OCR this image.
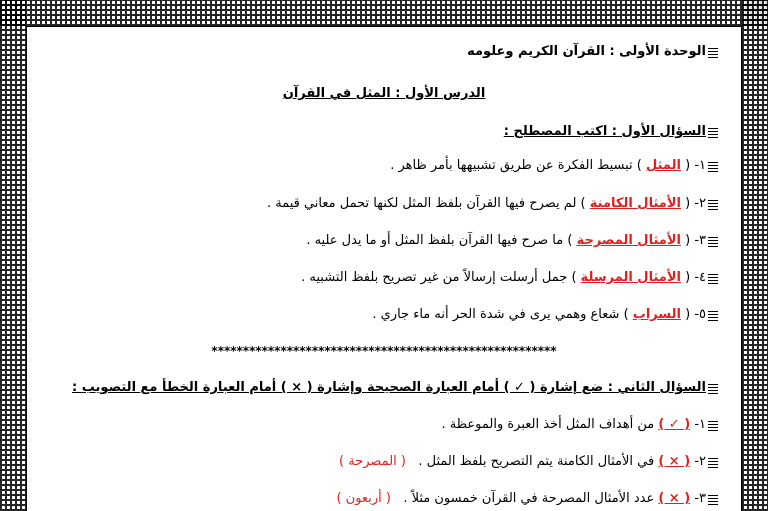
الوحدة الأولى : القرآن الكريم وعلومه
الدرس الأول : المثل في القرآن
السؤال الأول : اكتب المصطلح :
١- ( المثل ) تبسيط الفكرة عن طريق تشبيهها بأمر ظاهر .
٢- ( الأمثال الكامنة ) لم يصرح فيها القرآن بلفظ المثل لكنها تحمل معاني قيمة .
٣- ( الأمثال المصرحة ) ما صرح فيها القرآن بلفظ المثل أو ما يدل عليه .
٤- ( الأمثال المرسلة ) جمل أرسلت إرسالاً من غير تصريح بلفظ التشبيه .
٥- ( السراب ) شعاع وهمي يرى في شدة الحر أنه ماء جاري .
*******************************************************
السؤال الثاني : ضع إشارة ( ✓ ) أمام العبارة الصحيحة وإشارة ( × ) أمام العبارة الخطأ مع التصويب :
١- ( ✓ ) من أهداف المثل أخذ العبرة والموعظة .
٢- ( × ) في الأمثال الكامنة يتم التصريح بلفظ المثل .   ( المصرحة )
٣- ( × ) عدد الأمثال المصرحة في القرآن خمسون مثلاً .   ( أربعون )
